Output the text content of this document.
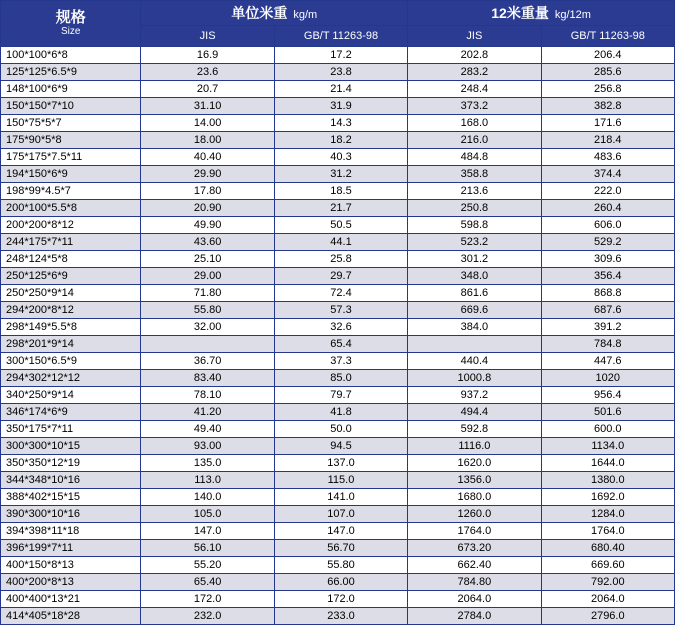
规格
Size	单位米重 kg/m		12米重量 kg/12m	
	JIS	GB/T 11263-98	JIS	GB/T 11263-98
100*100*6*8	16.9	17.2	202.8	206.4
125*125*6.5*9	23.6	23.8	283.2	285.6
148*100*6*9	20.7	21.4	248.4	256.8
150*150*7*10	31.10	31.9	373.2	382.8
150*75*5*7	14.00	14.3	168.0	171.6
175*90*5*8	18.00	18.2	216.0	218.4
175*175*7.5*11	40.40	40.3	484.8	483.6
194*150*6*9	29.90	31.2	358.8	374.4
198*99*4.5*7	17.80	18.5	213.6	222.0
200*100*5.5*8	20.90	21.7	250.8	260.4
200*200*8*12	49.90	50.5	598.8	606.0
244*175*7*11	43.60	44.1	523.2	529.2
248*124*5*8	25.10	25.8	301.2	309.6
250*125*6*9	29.00	29.7	348.0	356.4
250*250*9*14	71.80	72.4	861.6	868.8
294*200*8*12	55.80	57.3	669.6	687.6
298*149*5.5*8	32.00	32.6	384.0	391.2
298*201*9*14		65.4		784.8
300*150*6.5*9	36.70	37.3	440.4	447.6
294*302*12*12	83.40	85.0	1000.8	1020
340*250*9*14	78.10	79.7	937.2	956.4
346*174*6*9	41.20	41.8	494.4	501.6
350*175*7*11	49.40	50.0	592.8	600.0
300*300*10*15	93.00	94.5	1116.0	1134.0
350*350*12*19	135.0	137.0	1620.0	1644.0
344*348*10*16	113.0	115.0	1356.0	1380.0
388*402*15*15	140.0	141.0	1680.0	1692.0
390*300*10*16	105.0	107.0	1260.0	1284.0
394*398*11*18	147.0	147.0	1764.0	1764.0
396*199*7*11	56.10	56.70	673.20	680.40
400*150*8*13	55.20	55.80	662.40	669.60
400*200*8*13	65.40	66.00	784.80	792.00
400*400*13*21	172.0	172.0	2064.0	2064.0
414*405*18*28	232.0	233.0	2784.0	2796.0
